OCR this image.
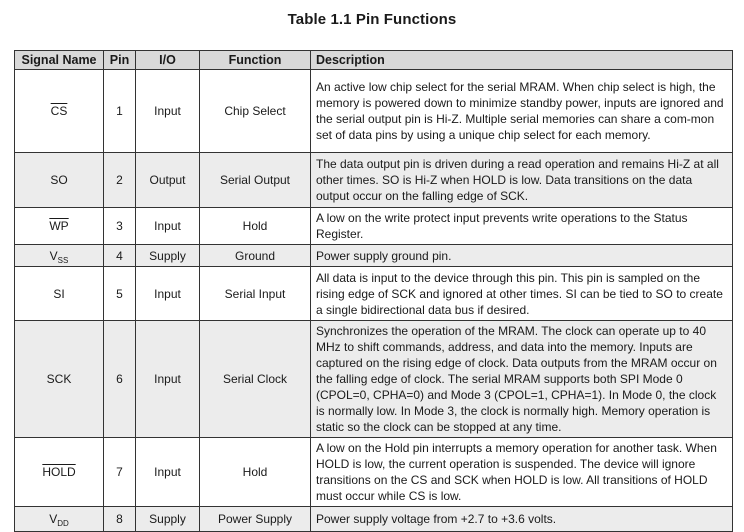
Table 1.1 Pin Functions
Signal Name	Pin	I/O	Function	Description
$\overline{CS}$	1	Input	Chip Select	An active low chip select for the serial MRAM. When chip select is high, the memory is powered down to minimize standby power, inputs are ignored and the serial output pin is Hi-Z. Multiple serial memories can share a com-mon set of data pins by using a unique chip select for each memory.
SO	2	Output	Serial Output	The data output pin is driven during a read operation and remains Hi-Z at all other times. SO is Hi-Z when HOLD is low. Data transitions on the data output occur on the falling edge of SCK.
$\overline{WP}$	3	Input	Hold	A low on the write protect input prevents write operations to the Status Register.
$V_{SS}$	4	Supply	Ground	Power supply ground pin.
SI	5	Input	Serial Input	All data is input to the device through this pin. This pin is sampled on the rising edge of SCK and ignored at other times. SI can be tied to SO to create a single bidirectional data bus if desired.
SCK	6	Input	Serial Clock	Synchronizes the operation of the MRAM. The clock can operate up to 40 MHz to shift commands, address, and data into the memory. Inputs are captured on the rising edge of clock. Data outputs from the MRAM occur on the falling edge of clock. The serial MRAM supports both SPI Mode 0 (CPOL=0, CPHA=0) and Mode 3 (CPOL=1, CPHA=1). In Mode 0, the clock is normally low. In Mode 3, the clock is normally high. Memory operation is static so the clock can be stopped at any time.
HOLD	7	Input	Hold	A low on the Hold pin interrupts a memory operation for another task. When HOLD is low, the current operation is suspended. The device will ignore transitions on the CS and SCK when HOLD is low. All transitions of HOLD must occur while CS is low.
$V_{DD}$	8	Supply	Power Supply	Power supply voltage from +2.7 to +3.6 volts.
